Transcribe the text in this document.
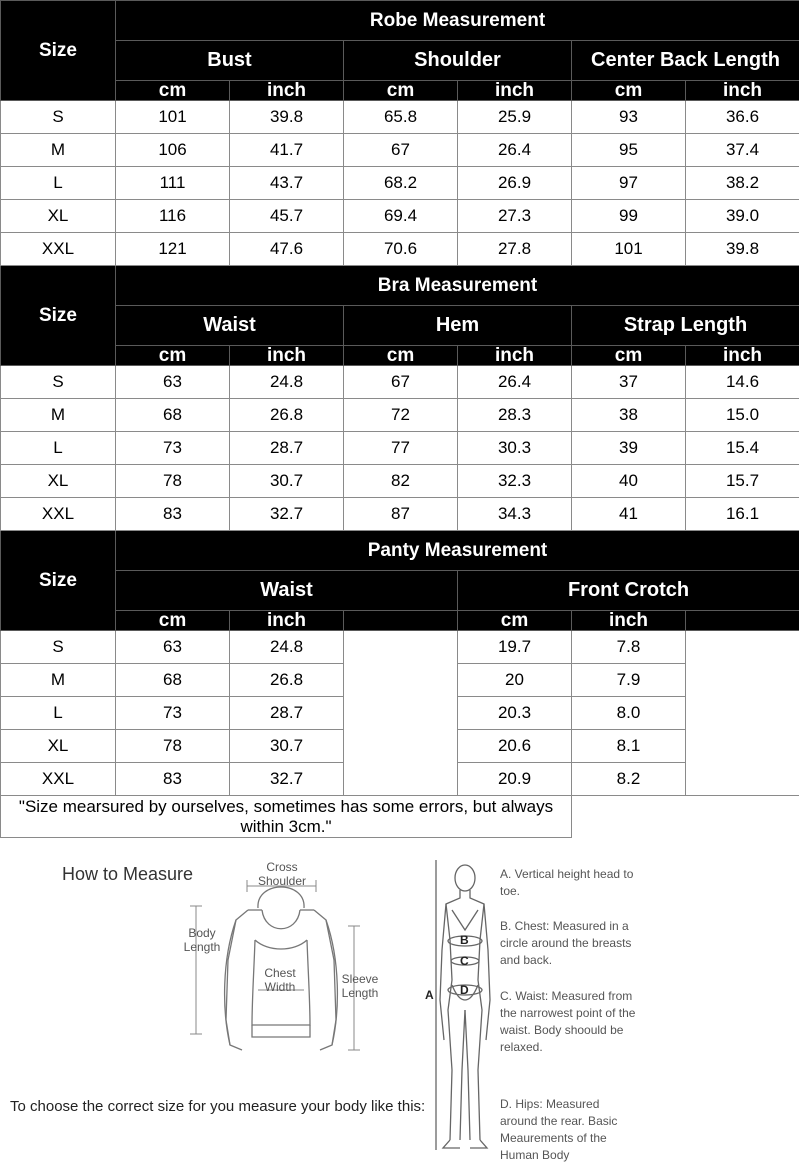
Size	Robe Measurement					
	Bust		Shoulder		Center Back Length	
	cm	inch	cm	inch	cm	inch
S	101	39.8	65.8	25.9	93	36.6
M	106	41.7	67	26.4	95	37.4
L	111	43.7	68.2	26.9	97	38.2
XL	116	45.7	69.4	27.3	99	39.0
XXL	121	47.6	70.6	27.8	101	39.8
Size	Bra Measurement					
	Waist		Hem		Strap Length	
	cm	inch	cm	inch	cm	inch
S	63	24.8	67	26.4	37	14.6
M	68	26.8	72	28.3	38	15.0
L	73	28.7	77	30.3	39	15.4
XL	78	30.7	82	32.3	40	15.7
XXL	83	32.7	87	34.3	41	16.1
Size	Panty Measurement					
	Waist			Front Crotch		
	cm	inch		cm	inch	
S	63	24.8		19.7	7.8	
M	68	26.8		20	7.9	
L	73	28.7		20.3	8.0	
XL	78	30.7		20.6	8.1	
XXL	83	32.7		20.9	8.2	
"Size mearsured by ourselves, sometimes has some errors, but always within 3cm."						
How to Measure	Cross Shoulder
Body Length
Chest Width
Sleeve Length	A
B
C
D
A. Vertical height head to toe.
B. Chest: Measured in a circle around the breasts and back.
C. Waist: Measured from the narrowest point of the waist. Body shoould be relaxed.
D. Hips: Measured around the rear. Basic Meaurements of the Human Body
To choose the correct size for you measure your body like this:
